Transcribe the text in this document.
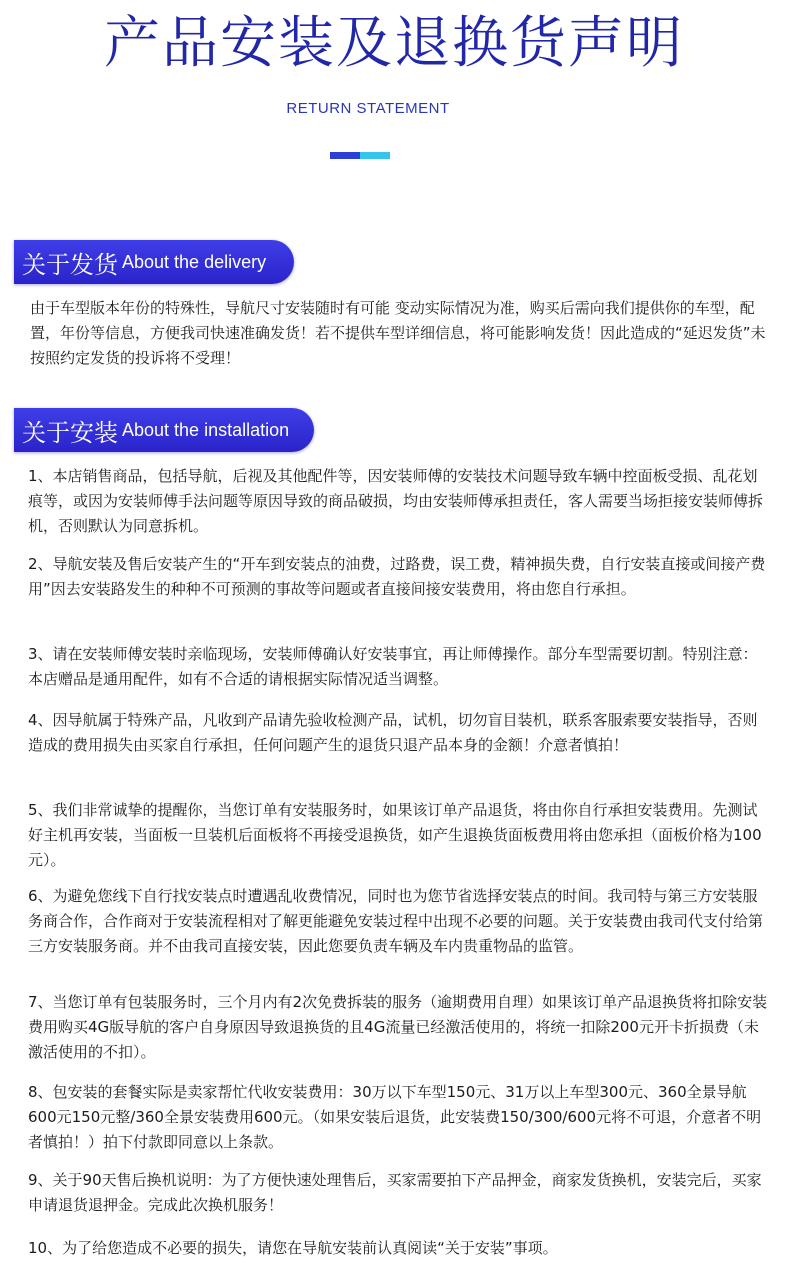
产品安装及退换货声明
RETURN STATEMENT
关于发货 About the delivery
由于车型版本年份的特殊性，导航尺寸安装随时有可能 变动实际情况为准，购买后需向我们提供你的车型，配置，年份等信息，方便我司快速准确发货！若不提供车型详细信息，将可能影响发货！因此造成的“延迟发货”未按照约定发货的投诉将不受理！
关于安装 About the installation
1、本店销售商品，包括导航，后视及其他配件等，因安装师傅的安装技术问题导致车辆中控面板受损、乱花划痕等，或因为安装师傅手法问题等原因导致的商品破损，均由安装师傅承担责任，客人需要当场拒接安装师傅拆机，否则默认为同意拆机。
2、导航安装及售后安装产生的“开车到安装点的油费，过路费，误工费，精神损失费，自行安装直接或间接产费用”因去安装路发生的种种不可预测的事故等问题或者直接间接安装费用，将由您自行承担。
3、请在安装师傅安装时亲临现场，安装师傅确认好安装事宜，再让师傅操作。部分车型需要切割。特别注意：本店赠品是通用配件，如有不合适的请根据实际情况适当调整。
4、因导航属于特殊产品，凡收到产品请先验收检测产品，试机，切勿盲目装机，联系客服索要安装指导，否则造成的费用损失由买家自行承担，任何问题产生的退货只退产品本身的金额！介意者慎拍！
5、我们非常诚挚的提醒你，当您订单有安装服务时，如果该订单产品退货，将由你自行承担安装费用。先测试好主机再安装，当面板一旦装机后面板将不再接受退换货，如产生退换货面板费用将由您承担（面板价格为100元）。
6、为避免您线下自行找安装点时遭遇乱收费情况，同时也为您节省选择安装点的时间。我司特与第三方安装服务商合作，合作商对于安装流程相对了解更能避免安装过程中出现不必要的问题。关于安装费由我司代支付给第三方安装服务商。并不由我司直接安装，因此您要负责车辆及车内贵重物品的监管。
7、当您订单有包装服务时，三个月内有2次免费拆装的服务（逾期费用自理）如果该订单产品退换货将扣除安装费用购买4G版导航的客户自身原因导致退换货的且4G流量已经激活使用的，将统一扣除200元开卡折损费（未激活使用的不扣）。
8、包安装的套餐实际是卖家帮忙代收安装费用：30万以下车型150元、31万以上车型300元、360全景导航600元150元整/360全景安装费用600元。（如果安装后退货，此安装费150/300/600元将不可退，介意者不明者慎拍！）拍下付款即同意以上条款。
9、关于90天售后换机说明：为了方便快速处理售后，买家需要拍下产品押金，商家发货换机，安装完后，买家申请退货退押金。完成此次换机服务！
10、为了给您造成不必要的损失，请您在导航安装前认真阅读“关于安装”事项。
